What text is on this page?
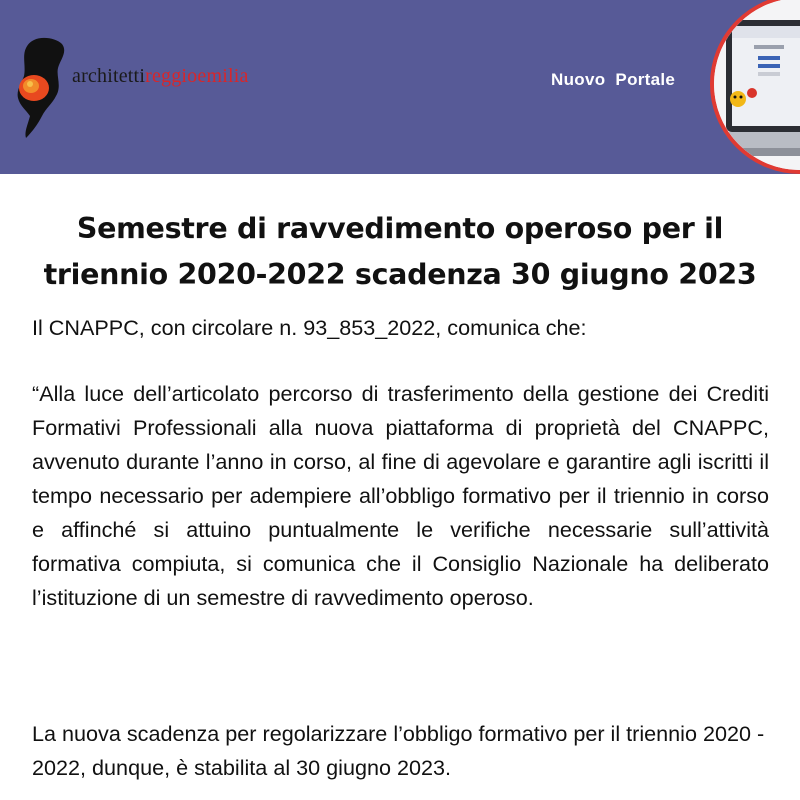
architettireggioemilia	Nuovo  Portale
Semestre di ravvedimento operoso per il
triennio 2020-2022 scadenza 30 giugno 2023
Il CNAPPC, con circolare n. 93_853_2022, comunica che:
“Alla luce dell’articolato percorso di trasferimento della gestione dei Crediti Formativi Professionali alla nuova piattaforma di proprietà del CNAPPC, avvenuto durante l’anno in corso, al fine di agevolare e garantire agli iscritti il tempo necessario per adempiere all’obbligo formativo per il triennio in corso e affinché si attuino puntualmente le verifiche necessarie sull’attività formativa compiuta, si comunica che il Consiglio Nazionale ha deliberato l’istituzione di un semestre di ravvedimento operoso.
La nuova scadenza per regolarizzare l’obbligo formativo per il triennio 2020 - 2022, dunque, è stabilita al 30 giugno 2023.
